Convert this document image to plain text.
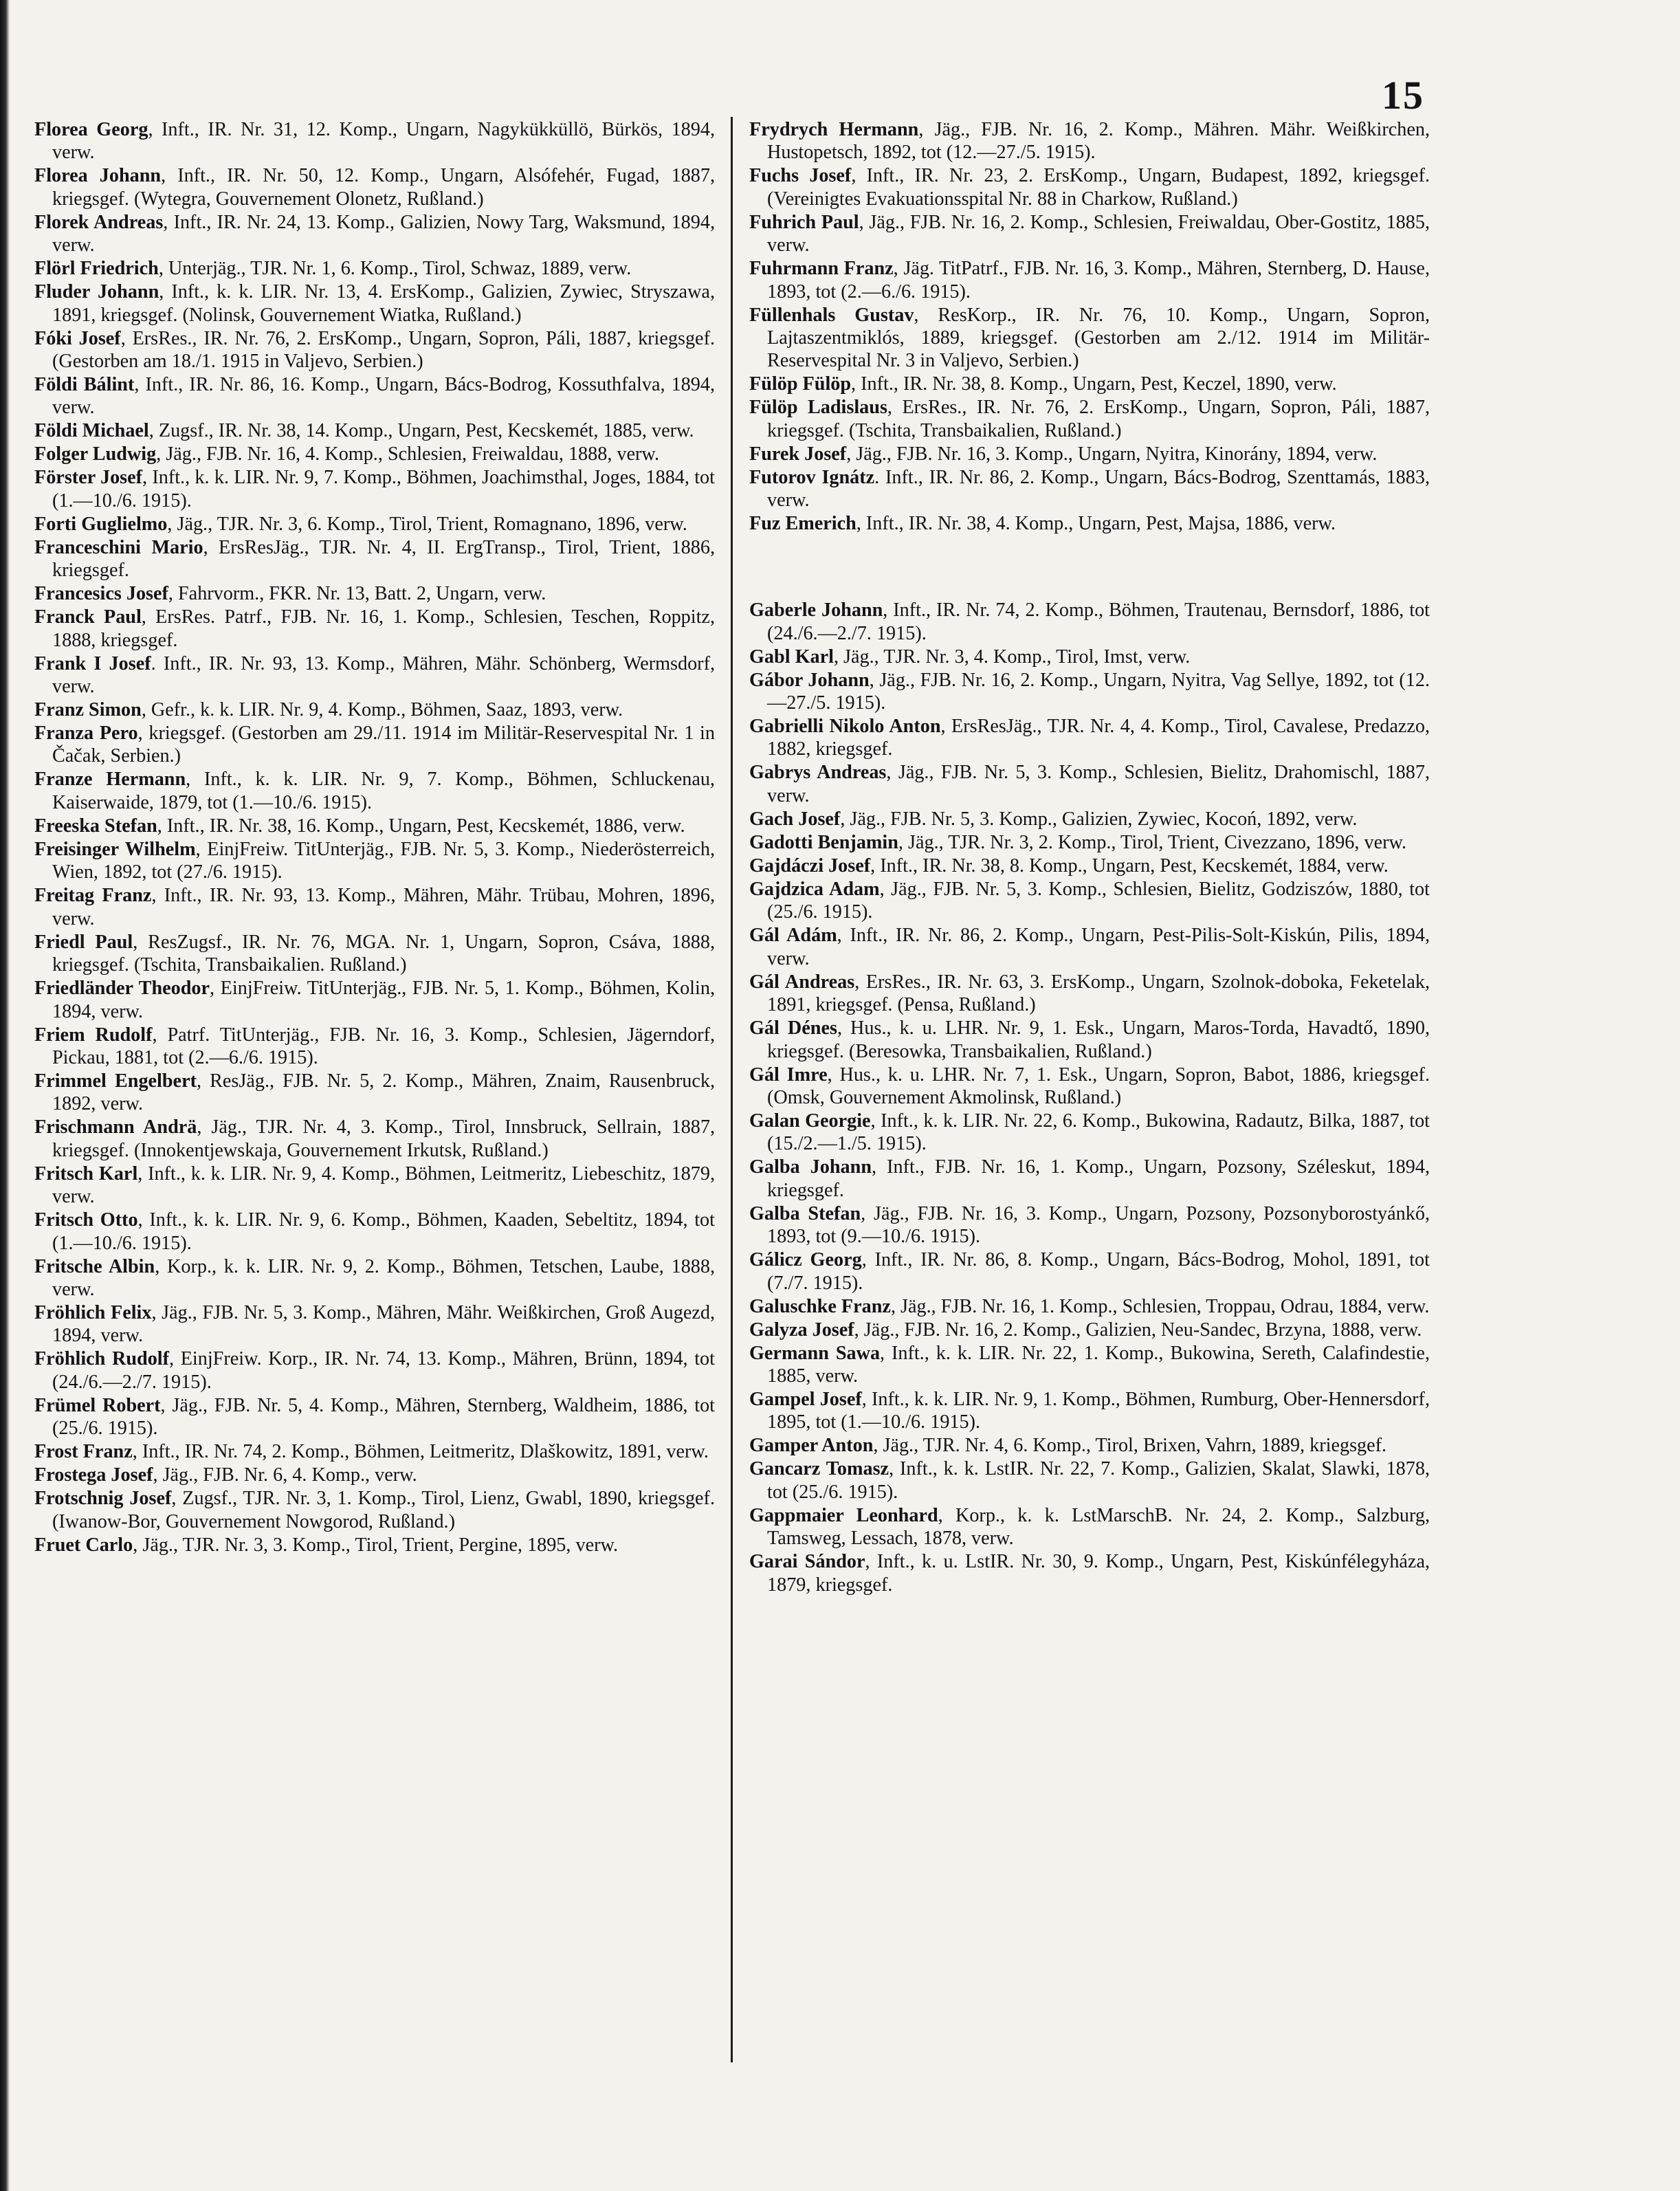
15

Florea Georg, Inft., IR. Nr. 31, 12. Komp., Ungarn, Nagykükküllö, Bürkös, 1894, verw.

Florea Johann, Inft., IR. Nr. 50, 12. Komp., Ungarn, Alsófehér, Fugad, 1887, kriegsgef. (Wytegra, Gouvernement Olonetz, Rußland.)

Florek Andreas, Inft., IR. Nr. 24, 13. Komp., Galizien, Nowy Targ, Waksmund, 1894, verw.

Flörl Friedrich, Unterjäg., TJR. Nr. 1, 6. Komp., Tirol, Schwaz, 1889, verw.

Fluder Johann, Inft., k. k. LIR. Nr. 13, 4. ErsKomp., Galizien, Zywiec, Stryszawa, 1891, kriegsgef. (Nolinsk, Gouvernement Wiatka, Rußland.)

Fóki Josef, ErsRes., IR. Nr. 76, 2. ErsKomp., Ungarn, Sopron, Páli, 1887, kriegsgef. (Gestorben am 18./1. 1915 in Valjevo, Serbien.)

Földi Bálint, Inft., IR. Nr. 86, 16. Komp., Ungarn, Bács-Bodrog, Kossuthfalva, 1894, verw.

Földi Michael, Zugsf., IR. Nr. 38, 14. Komp., Ungarn, Pest, Kecskemét, 1885, verw.

Folger Ludwig, Jäg., FJB. Nr. 16, 4. Komp., Schlesien, Freiwaldau, 1888, verw.

Förster Josef, Inft., k. k. LIR. Nr. 9, 7. Komp., Böhmen, Joachimsthal, Joges, 1884, tot (1.—10./6. 1915).

Forti Guglielmo, Jäg., TJR. Nr. 3, 6. Komp., Tirol, Trient, Romagnano, 1896, verw.

Franceschini Mario, ErsResJäg., TJR. Nr. 4, II. ErgTransp., Tirol, Trient, 1886, kriegsgef.

Francesics Josef, Fahrvorm., FKR. Nr. 13, Batt. 2, Ungarn, verw.

Franck Paul, ErsRes. Patrf., FJB. Nr. 16, 1. Komp., Schlesien, Teschen, Roppitz, 1888, kriegsgef.

Frank I Josef. Inft., IR. Nr. 93, 13. Komp., Mähren, Mähr. Schönberg, Wermsdorf, verw.

Franz Simon, Gefr., k. k. LIR. Nr. 9, 4. Komp., Böhmen, Saaz, 1893, verw.

Franza Pero, kriegsgef. (Gestorben am 29./11. 1914 im Militär-Reservespital Nr. 1 in Čačak, Serbien.)

Franze Hermann, Inft., k. k. LIR. Nr. 9, 7. Komp., Böhmen, Schluckenau, Kaiserwaide, 1879, tot (1.—10./6. 1915).

Freeska Stefan, Inft., IR. Nr. 38, 16. Komp., Ungarn, Pest, Kecskemét, 1886, verw.

Freisinger Wilhelm, EinjFreiw. TitUnterjäg., FJB. Nr. 5, 3. Komp., Niederösterreich, Wien, 1892, tot (27./6. 1915).

Freitag Franz, Inft., IR. Nr. 93, 13. Komp., Mähren, Mähr. Trübau, Mohren, 1896, verw.

Friedl Paul, ResZugsf., IR. Nr. 76, MGA. Nr. 1, Ungarn, Sopron, Csáva, 1888, kriegsgef. (Tschita, Transbaikalien. Rußland.)

Friedländer Theodor, EinjFreiw. TitUnterjäg., FJB. Nr. 5, 1. Komp., Böhmen, Kolin, 1894, verw.

Friem Rudolf, Patrf. TitUnterjäg., FJB. Nr. 16, 3. Komp., Schlesien, Jägerndorf, Pickau, 1881, tot (2.—6./6. 1915).

Frimmel Engelbert, ResJäg., FJB. Nr. 5, 2. Komp., Mähren, Znaim, Rausenbruck, 1892, verw.

Frischmann Andrä, Jäg., TJR. Nr. 4, 3. Komp., Tirol, Innsbruck, Sellrain, 1887, kriegsgef. (Innokentjewskaja, Gouvernement Irkutsk, Rußland.)

Fritsch Karl, Inft., k. k. LIR. Nr. 9, 4. Komp., Böhmen, Leitmeritz, Liebeschitz, 1879, verw.

Fritsch Otto, Inft., k. k. LIR. Nr. 9, 6. Komp., Böhmen, Kaaden, Sebeltitz, 1894, tot (1.—10./6. 1915).

Fritsche Albin, Korp., k. k. LIR. Nr. 9, 2. Komp., Böhmen, Tetschen, Laube, 1888, verw.

Fröhlich Felix, Jäg., FJB. Nr. 5, 3. Komp., Mähren, Mähr. Weißkirchen, Groß Augezd, 1894, verw.

Fröhlich Rudolf, EinjFreiw. Korp., IR. Nr. 74, 13. Komp., Mähren, Brünn, 1894, tot (24./6.—2./7. 1915).

Frümel Robert, Jäg., FJB. Nr. 5, 4. Komp., Mähren, Sternberg, Waldheim, 1886, tot (25./6. 1915).

Frost Franz, Inft., IR. Nr. 74, 2. Komp., Böhmen, Leitmeritz, Dlaškowitz, 1891, verw.

Frostega Josef, Jäg., FJB. Nr. 6, 4. Komp., verw.

Frotschnig Josef, Zugsf., TJR. Nr. 3, 1. Komp., Tirol, Lienz, Gwabl, 1890, kriegsgef. (Iwanow-Bor, Gouvernement Nowgorod, Rußland.)

Fruet Carlo, Jäg., TJR. Nr. 3, 3. Komp., Tirol, Trient, Pergine, 1895, verw.

Frydrych Hermann, Jäg., FJB. Nr. 16, 2. Komp., Mähren. Mähr. Weißkirchen, Hustopetsch, 1892, tot (12.—27./5. 1915).

Fuchs Josef, Inft., IR. Nr. 23, 2. ErsKomp., Ungarn, Budapest, 1892, kriegsgef. (Vereinigtes Evakuationsspital Nr. 88 in Charkow, Rußland.)

Fuhrich Paul, Jäg., FJB. Nr. 16, 2. Komp., Schlesien, Freiwaldau, Ober-Gostitz, 1885, verw.

Fuhrmann Franz, Jäg. TitPatrf., FJB. Nr. 16, 3. Komp., Mähren, Sternberg, D. Hause, 1893, tot (2.—6./6. 1915).

Füllenhals Gustav, ResKorp., IR. Nr. 76, 10. Komp., Ungarn, Sopron, Lajtaszentmiklós, 1889, kriegsgef. (Gestorben am 2./12. 1914 im Militär-Reservespital Nr. 3 in Valjevo, Serbien.)

Fülöp Fülöp, Inft., IR. Nr. 38, 8. Komp., Ungarn, Pest, Keczel, 1890, verw.

Fülöp Ladislaus, ErsRes., IR. Nr. 76, 2. ErsKomp., Ungarn, Sopron, Páli, 1887, kriegsgef. (Tschita, Transbaikalien, Rußland.)

Furek Josef, Jäg., FJB. Nr. 16, 3. Komp., Ungarn, Nyitra, Kinorány, 1894, verw.

Futorov Ignátz. Inft., IR. Nr. 86, 2. Komp., Ungarn, Bács-Bodrog, Szenttamás, 1883, verw.

Fuz Emerich, Inft., IR. Nr. 38, 4. Komp., Ungarn, Pest, Majsa, 1886, verw.

Gaberle Johann, Inft., IR. Nr. 74, 2. Komp., Böhmen, Trautenau, Bernsdorf, 1886, tot (24./6.—2./7. 1915).

Gabl Karl, Jäg., TJR. Nr. 3, 4. Komp., Tirol, Imst, verw.

Gábor Johann, Jäg., FJB. Nr. 16, 2. Komp., Ungarn, Nyitra, Vag Sellye, 1892, tot (12.—27./5. 1915).

Gabrielli Nikolo Anton, ErsResJäg., TJR. Nr. 4, 4. Komp., Tirol, Cavalese, Predazzo, 1882, kriegsgef.

Gabrys Andreas, Jäg., FJB. Nr. 5, 3. Komp., Schlesien, Bielitz, Drahomischl, 1887, verw.

Gach Josef, Jäg., FJB. Nr. 5, 3. Komp., Galizien, Zywiec, Kocoń, 1892, verw.

Gadotti Benjamin, Jäg., TJR. Nr. 3, 2. Komp., Tirol, Trient, Civezzano, 1896, verw.

Gajdáczi Josef, Inft., IR. Nr. 38, 8. Komp., Ungarn, Pest, Kecskemét, 1884, verw.

Gajdzica Adam, Jäg., FJB. Nr. 5, 3. Komp., Schlesien, Bielitz, Godziszów, 1880, tot (25./6. 1915).

Gál Adám, Inft., IR. Nr. 86, 2. Komp., Ungarn, Pest-Pilis-Solt-Kiskún, Pilis, 1894, verw.

Gál Andreas, ErsRes., IR. Nr. 63, 3. ErsKomp., Ungarn, Szolnok-doboka, Feketelak, 1891, kriegsgef. (Pensa, Rußland.)

Gál Dénes, Hus., k. u. LHR. Nr. 9, 1. Esk., Ungarn, Maros-Torda, Havadtő, 1890, kriegsgef. (Beresowka, Transbaikalien, Rußland.)

Gál Imre, Hus., k. u. LHR. Nr. 7, 1. Esk., Ungarn, Sopron, Babot, 1886, kriegsgef. (Omsk, Gouvernement Akmolinsk, Rußland.)

Galan Georgie, Inft., k. k. LIR. Nr. 22, 6. Komp., Bukowina, Radautz, Bilka, 1887, tot (15./2.—1./5. 1915).

Galba Johann, Inft., FJB. Nr. 16, 1. Komp., Ungarn, Pozsony, Széleskut, 1894, kriegsgef.

Galba Stefan, Jäg., FJB. Nr. 16, 3. Komp., Ungarn, Pozsony, Pozsonyborostyánkő, 1893, tot (9.—10./6. 1915).

Gálicz Georg, Inft., IR. Nr. 86, 8. Komp., Ungarn, Bács-Bodrog, Mohol, 1891, tot (7./7. 1915).

Galuschke Franz, Jäg., FJB. Nr. 16, 1. Komp., Schlesien, Troppau, Odrau, 1884, verw.

Galyza Josef, Jäg., FJB. Nr. 16, 2. Komp., Galizien, Neu-Sandec, Brzyna, 1888, verw.

Germann Sawa, Inft., k. k. LIR. Nr. 22, 1. Komp., Bukowina, Sereth, Calafindestie, 1885, verw.

Gampel Josef, Inft., k. k. LIR. Nr. 9, 1. Komp., Böhmen, Rumburg, Ober-Hennersdorf, 1895, tot (1.—10./6. 1915).

Gamper Anton, Jäg., TJR. Nr. 4, 6. Komp., Tirol, Brixen, Vahrn, 1889, kriegsgef.

Gancarz Tomasz, Inft., k. k. LstIR. Nr. 22, 7. Komp., Galizien, Skalat, Slawki, 1878, tot (25./6. 1915).

Gappmaier Leonhard, Korp., k. k. LstMarschB. Nr. 24, 2. Komp., Salzburg, Tamsweg, Lessach, 1878, verw.

Garai Sándor, Inft., k. u. LstIR. Nr. 30, 9. Komp., Ungarn, Pest, Kiskúnfélegyháza, 1879, kriegsgef.
